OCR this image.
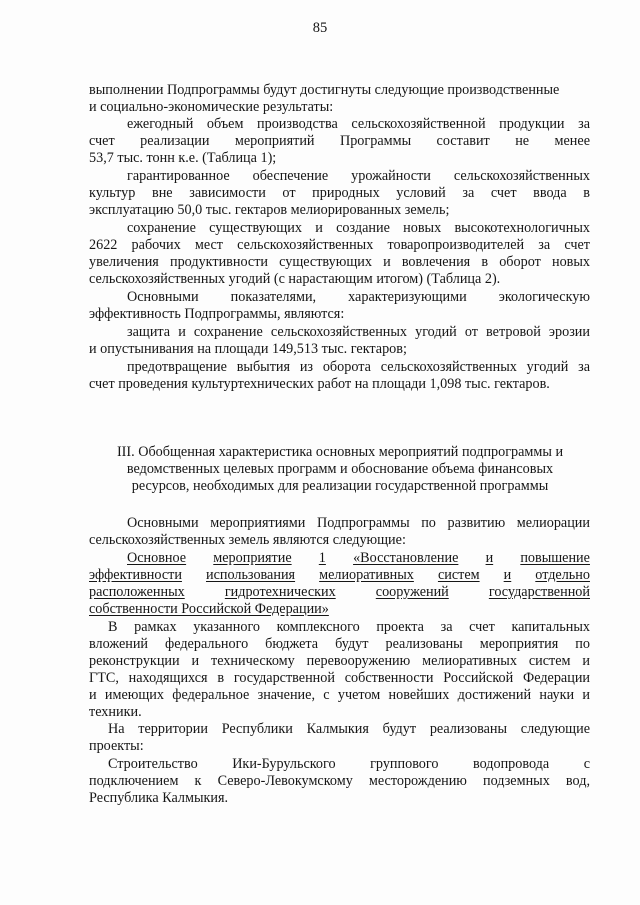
85
выполнении Подпрограммы будут достигнуты следующие производственные
и социально-экономические результаты:
ежегодный объем производства сельскохозяйственной продукции за
счет реализации мероприятий Программы составит не менее
53,7 тыс. тонн к.е. (Таблица 1);
гарантированное обеспечение урожайности сельскохозяйственных
культур вне зависимости от природных условий за счет ввода в
эксплуатацию 50,0 тыс. гектаров мелиорированных земель;
сохранение существующих и создание новых высокотехнологичных
2622 рабочих мест сельскохозяйственных товаропроизводителей за счет
увеличения продуктивности существующих и вовлечения в оборот новых
сельскохозяйственных угодий (с нарастающим итогом) (Таблица 2).
Основными показателями, характеризующими экологическую
эффективность Подпрограммы, являются:
защита и сохранение сельскохозяйственных угодий от ветровой эрозии
и опустынивания на площади 149,513 тыс. гектаров;
предотвращение выбытия из оборота сельскохозяйственных угодий за
счет проведения культуртехнических работ на площади 1,098 тыс. гектаров.
III. Обобщенная характеристика основных мероприятий подпрограммы и
ведомственных целевых программ и обоснование объема финансовых
ресурсов, необходимых для реализации государственной программы
Основными мероприятиями Подпрограммы по развитию мелиорации
сельскохозяйственных земель являются следующие:
Основное мероприятие 1 «Восстановление и повышение
эффективности использования мелиоративных систем и отдельно
расположенных	гидротехнических	сооружений	государственной
собственности Российской Федерации»
В рамках указанного комплексного проекта за счет капитальных
вложений федерального бюджета будут реализованы мероприятия по
реконструкции и техническому перевооружению мелиоративных систем и
ГТС, находящихся в государственной собственности Российской Федерации
и имеющих федеральное значение, с учетом новейших достижений науки и
техники.
На территории Республики Калмыкия будут реализованы следующие
проекты:
Строительство Ики-Бурульского группового водопровода с
подключением к Северо-Левокумскому месторождению подземных вод,
Республика Калмыкия.
